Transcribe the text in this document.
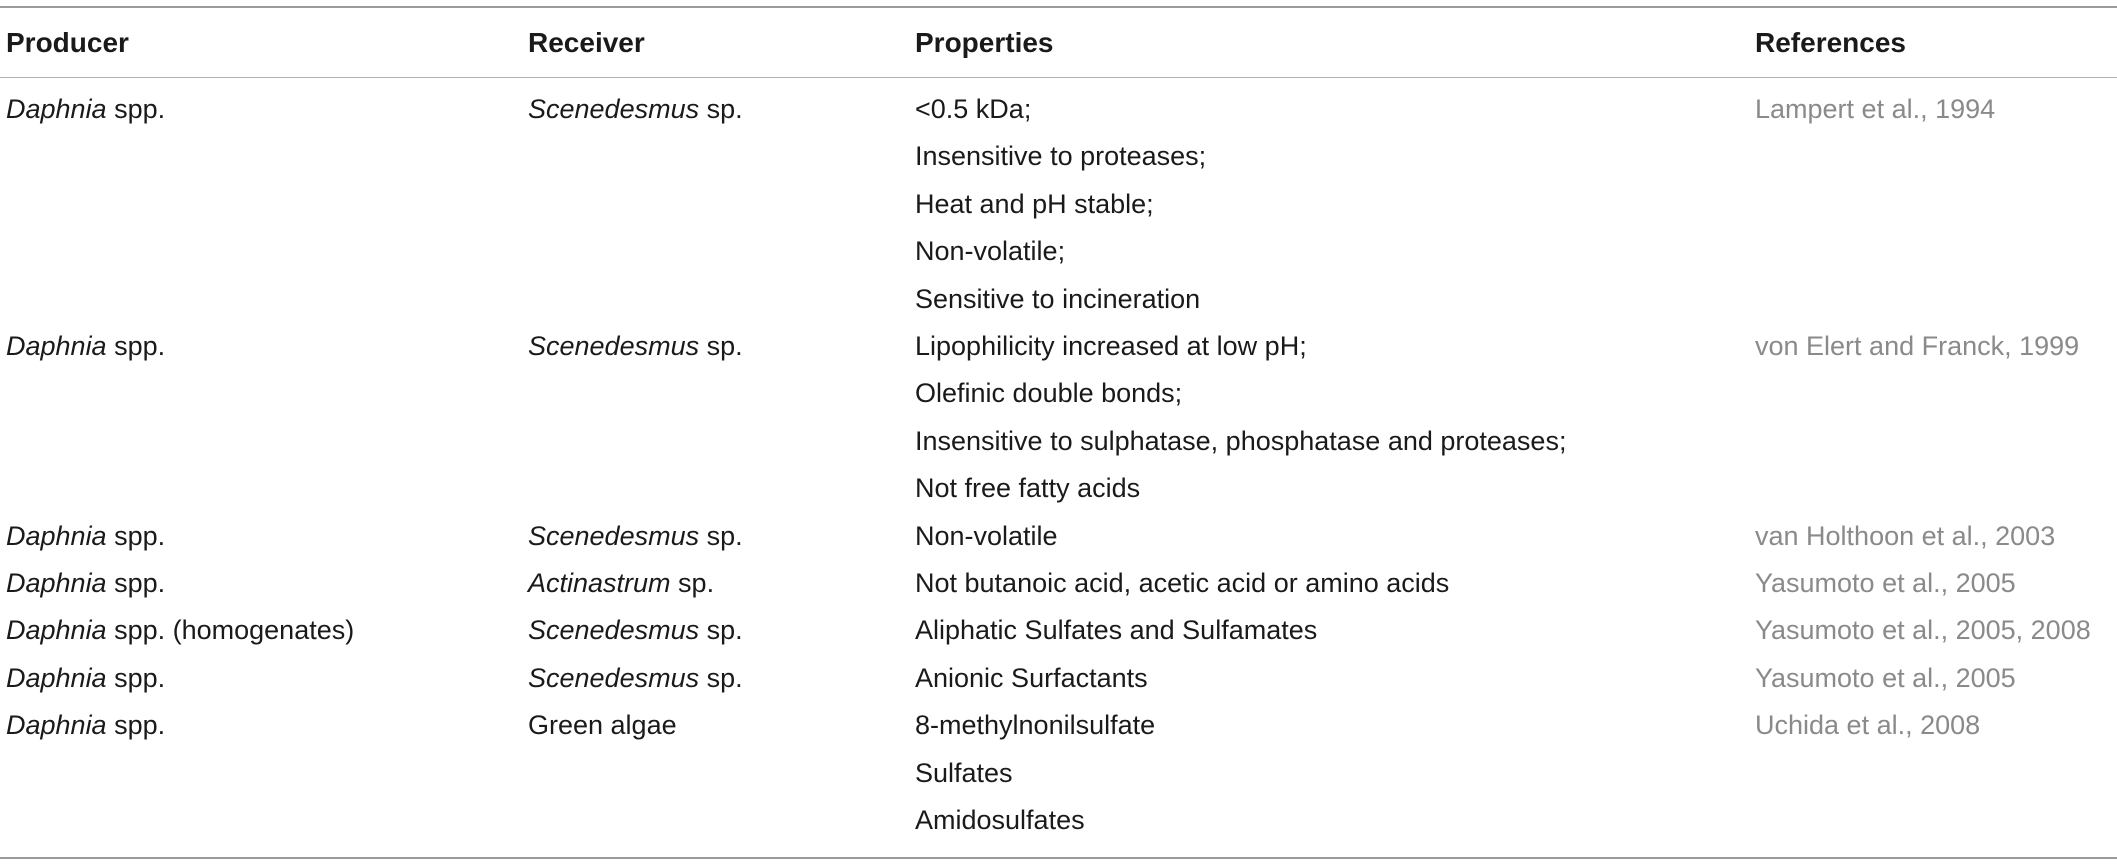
Producer	Receiver	Properties	References
Daphnia spp.	Scenedesmus sp.	<0.5 kDa;
Insensitive to proteases;
Heat and pH stable;
Non-volatile;
Sensitive to incineration
Lampert et al., 1994
Daphnia spp.	Scenedesmus sp.	Lipophilicity increased at low pH;
Olefinic double bonds;
Insensitive to sulphatase, phosphatase and proteases;
Not free fatty acids
von Elert and Franck, 1999
Daphnia spp.	Scenedesmus sp.	Non-volatile	van Holthoon et al., 2003
Daphnia spp.	Actinastrum sp.	Not butanoic acid, acetic acid or amino acids	Yasumoto et al., 2005
Daphnia spp. (homogenates)	Scenedesmus sp.	Aliphatic Sulfates and Sulfamates	Yasumoto et al., 2005, 2008
Daphnia spp.	Scenedesmus sp.	Anionic Surfactants	Yasumoto et al., 2005
Daphnia spp.	Green algae	8-methylnonilsulfate
Sulfates
Amidosulfates
Uchida et al., 2008
